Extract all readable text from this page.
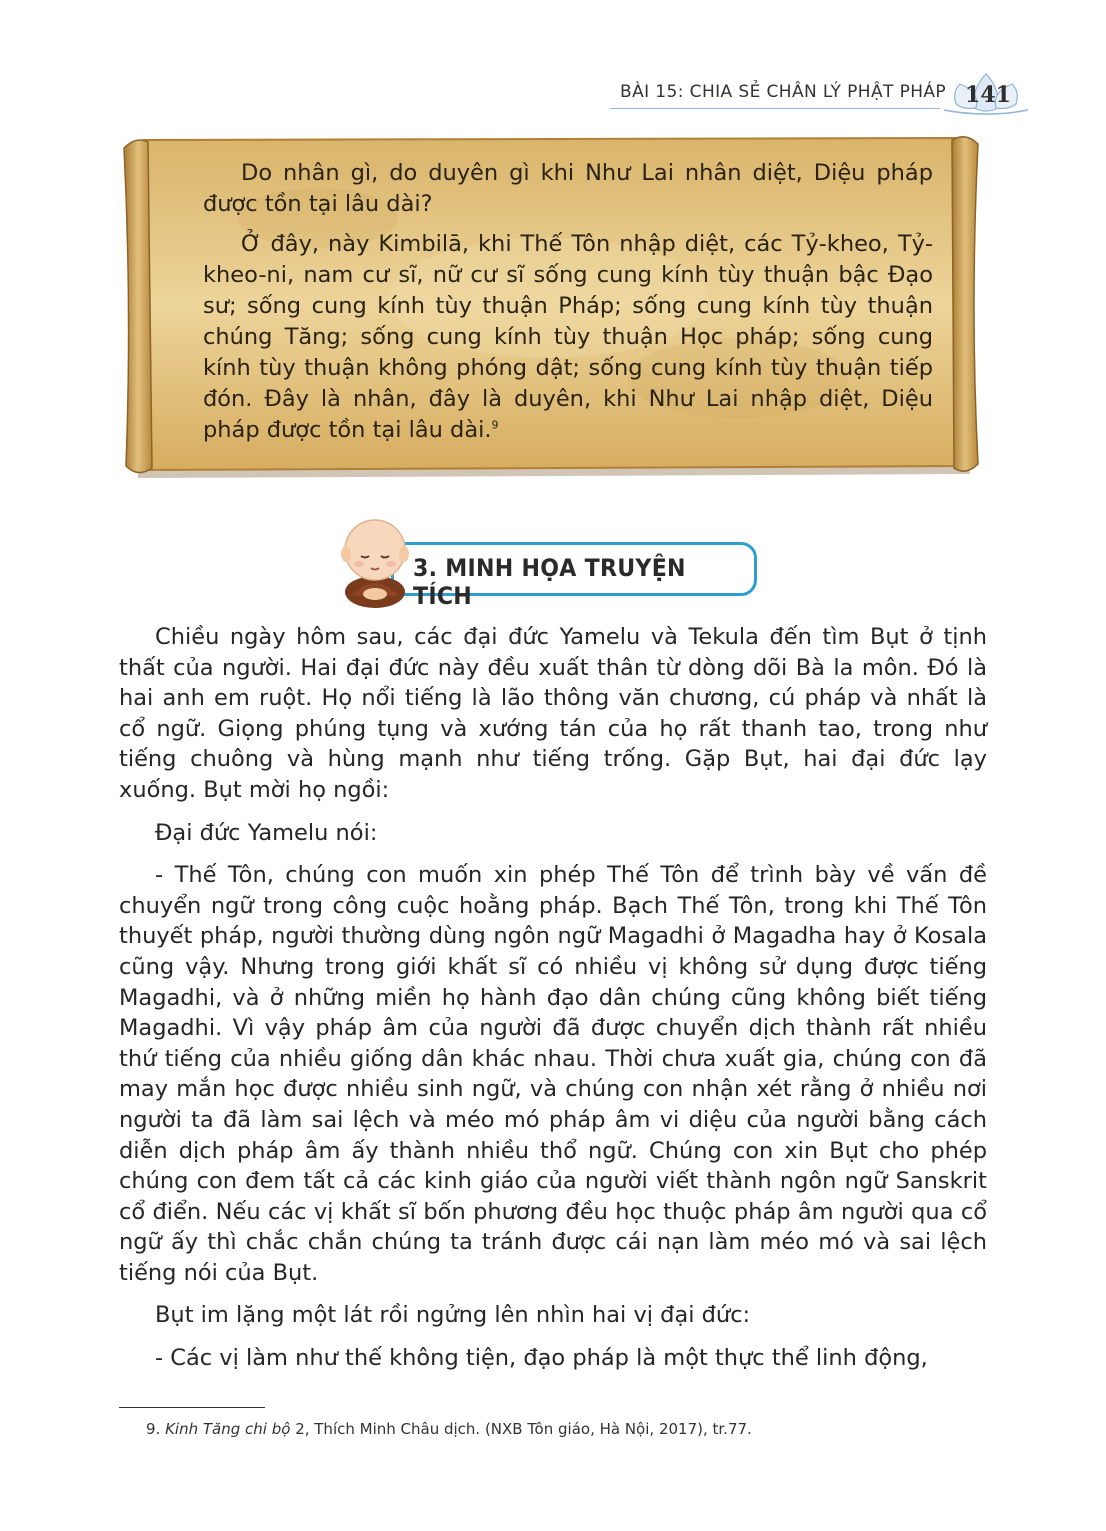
BÀI 15: CHIA SẺ CHÂN LÝ PHẬT PHÁP 141

Do nhân gì, do duyên gì khi Như Lai nhân diệt, Diệu pháp được tồn tại lâu dài?

Ở đây, này Kimbilā, khi Thế Tôn nhập diệt, các Tỷ-kheo, Tỷ-kheo-ni, nam cư sĩ, nữ cư sĩ sống cung kính tùy thuận bậc Đạo sư; sống cung kính tùy thuận Pháp; sống cung kính tùy thuận chúng Tăng; sống cung kính tùy thuận Học pháp; sống cung kính tùy thuận không phóng dật; sống cung kính tùy thuận tiếp đón. Đây là nhân, đây là duyên, khi Như Lai nhập diệt, Diệu pháp được tồn tại lâu dài.$^9$

3. MINH HỌA TRUYỆN TÍCH

Chiều ngày hôm sau, các đại đức Yamelu và Tekula đến tìm Bụt ở tịnh thất của người. Hai đại đức này đều xuất thân từ dòng dõi Bà la môn. Đó là hai anh em ruột. Họ nổi tiếng là lão thông văn chương, cú pháp và nhất là cổ ngữ. Giọng phúng tụng và xướng tán của họ rất thanh tao, trong như tiếng chuông và hùng mạnh như tiếng trống. Gặp Bụt, hai đại đức lạy xuống. Bụt mời họ ngồi:

Đại đức Yamelu nói:

- Thế Tôn, chúng con muốn xin phép Thế Tôn để trình bày về vấn đề chuyển ngữ trong công cuộc hoằng pháp. Bạch Thế Tôn, trong khi Thế Tôn thuyết pháp, người thường dùng ngôn ngữ Magadhi ở Magadha hay ở Kosala cũng vậy. Nhưng trong giới khất sĩ có nhiều vị không sử dụng được tiếng Magadhi, và ở những miền họ hành đạo dân chúng cũng không biết tiếng Magadhi. Vì vậy pháp âm của người đã được chuyển dịch thành rất nhiều thứ tiếng của nhiều giống dân khác nhau. Thời chưa xuất gia, chúng con đã may mắn học được nhiều sinh ngữ, và chúng con nhận xét rằng ở nhiều nơi người ta đã làm sai lệch và méo mó pháp âm vi diệu của người bằng cách diễn dịch pháp âm ấy thành nhiều thổ ngữ. Chúng con xin Bụt cho phép chúng con đem tất cả các kinh giáo của người viết thành ngôn ngữ Sanskrit cổ điển. Nếu các vị khất sĩ bốn phương đều học thuộc pháp âm người qua cổ ngữ ấy thì chắc chắn chúng ta tránh được cái nạn làm méo mó và sai lệch tiếng nói của Bụt.

Bụt im lặng một lát rồi ngửng lên nhìn hai vị đại đức:

- Các vị làm như thế không tiện, đạo pháp là một thực thể linh động,

9. Kinh Tăng chi bộ 2, Thích Minh Châu dịch. (NXB Tôn giáo, Hà Nội, 2017), tr.77.
